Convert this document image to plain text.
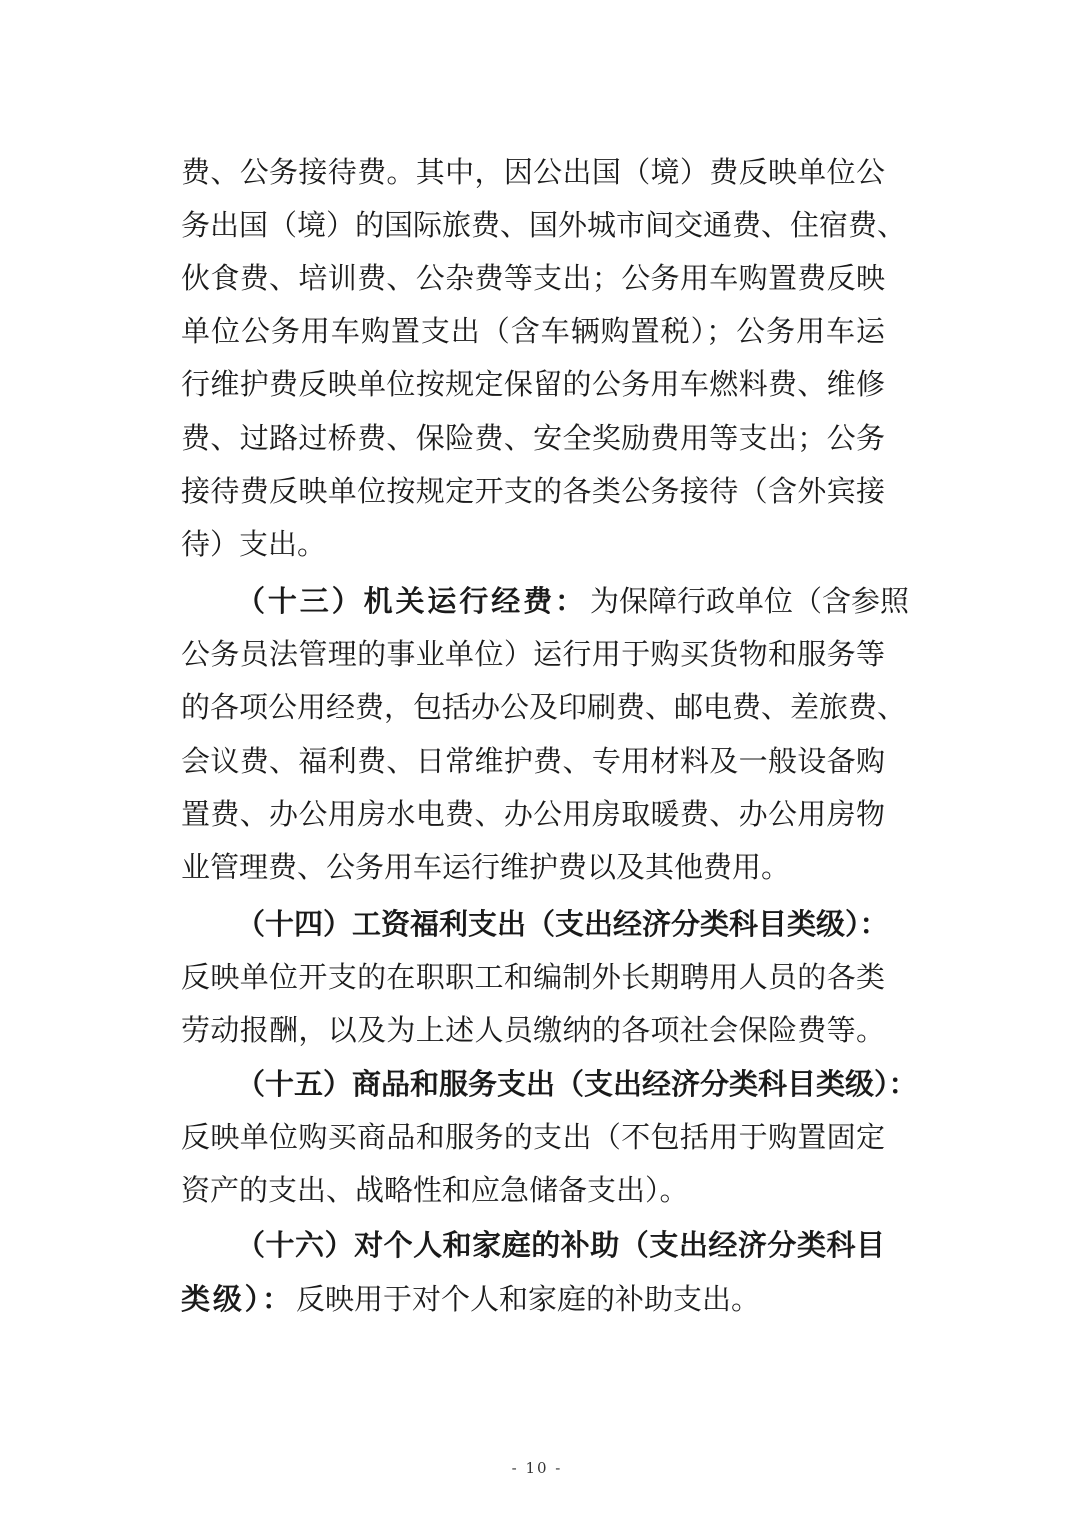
费、公务接待费。其中，因公出国（境）费反映单位公
务出国（境）的国际旅费、国外城市间交通费、住宿费、
伙食费、培训费、公杂费等支出；公务用车购置费反映
单位公务用车购置支出（含车辆购置税）；公务用车运
行维护费反映单位按规定保留的公务用车燃料费、维修
费、过路过桥费、保险费、安全奖励费用等支出；公务
接待费反映单位按规定开支的各类公务接待（含外宾接
待）支出。
（十三）机关运行经费： 为保障行政单位（含参照
公务员法管理的事业单位）运行用于购买货物和服务等
的各项公用经费，包括办公及印刷费、邮电费、差旅费、
会议费、福利费、日常维护费、专用材料及一般设备购
置费、办公用房水电费、办公用房取暖费、办公用房物
业管理费、公务用车运行维护费以及其他费用。
（十四）工资福利支出（支出经济分类科目类级）：
反映单位开支的在职职工和编制外长期聘用人员的各类
劳动报酬，以及为上述人员缴纳的各项社会保险费等。
（十五）商品和服务支出（支出经济分类科目类级）：
反映单位购买商品和服务的支出（不包括用于购置固定
资产的支出、战略性和应急储备支出）。
（十六）对个人和家庭的补助（支出经济分类科目
类级）： 反映用于对个人和家庭的补助支出。
- 10 -
